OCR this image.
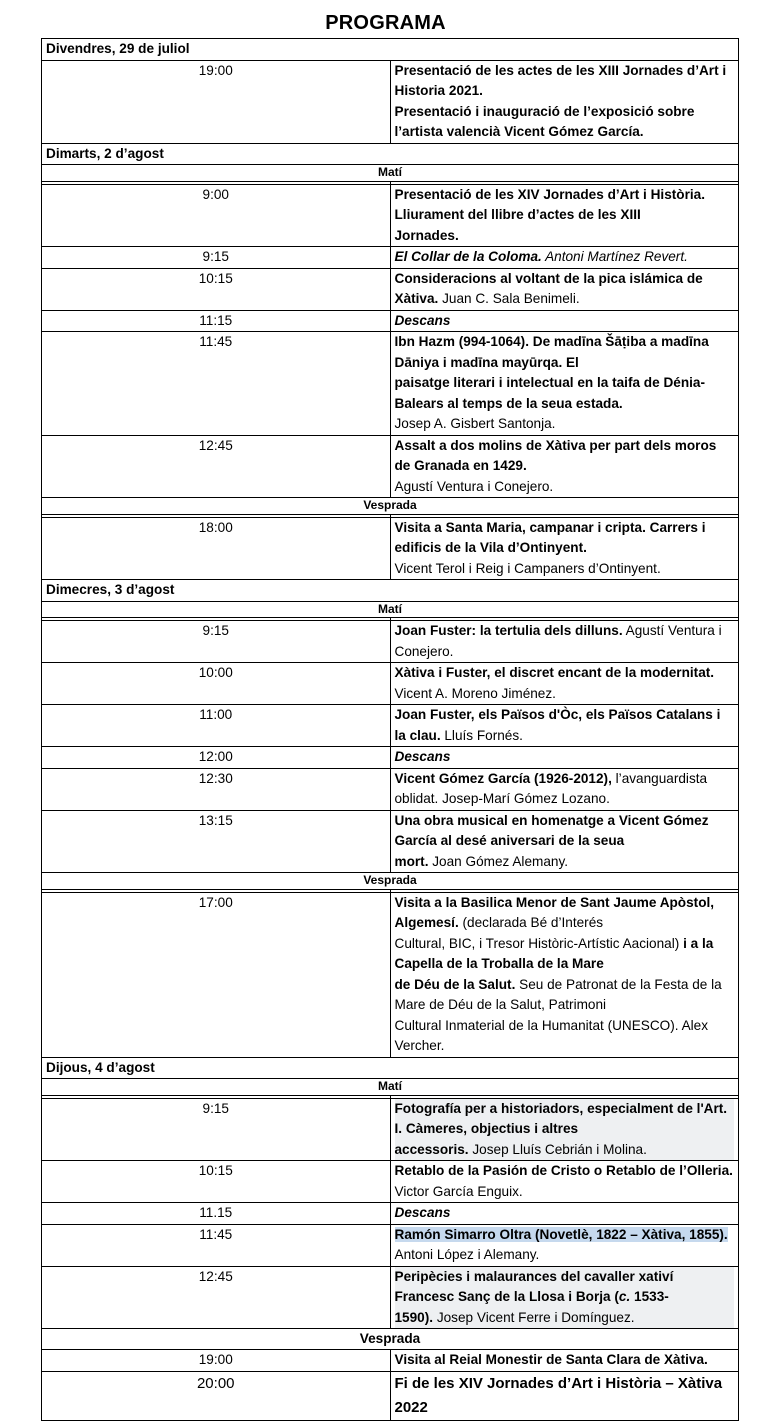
PROGRAMA
Divendres, 29 de juliol	
19:00	Presentació de les actes de les XIII Jornades d’Art i Historia 2021.
Presentació i inauguració de l’exposició sobre l’artista valencià Vicent Gómez García.

Dimarts, 2 d’agost	
Matí	

9:00	Presentació de les XIV Jornades d’Art i Història. Lliurament del llibre d’actes de les XIII
Jornades.

9:15	El Collar de la Coloma. Antoni Martínez Revert.
10:15	Consideracions al voltant de la pica islámica de Xàtiva. Juan C. Sala Benimeli.
11:15	Descans
11:45	Ibn Hazm (994-1064). De madīna Šāṭiba a madīna Dāniya i madīna mayūrqa. El
paisatge literari i intelectual en la taifa de Dénia-Balears al temps de la seua estada.
Josep A. Gisbert Santonja.

12:45	Assalt a dos molins de Xàtiva per part dels moros de Granada en 1429.
Agustí Ventura i Conejero.

Vesprada	

18:00	Visita a Santa Maria, campanar i cripta. Carrers i edificis de la Vila d’Ontinyent.
Vicent Terol i Reig i Campaners d’Ontinyent.

Dimecres, 3 d’agost	
Matí	

9:15	Joan Fuster: la tertulia dels dilluns. Agustí Ventura i Conejero.
10:00	Xàtiva i Fuster, el discret encant de la modernitat. Vicent A. Moreno Jiménez.
11:00	Joan Fuster, els Països d'Òc, els Països Catalans i la clau. Lluís Fornés.
12:00	Descans
12:30	Vicent Gómez García (1926-2012), l’avanguardista oblidat. Josep-Marí Gómez Lozano.
13:15	Una obra musical en homenatge a Vicent Gómez García al desé aniversari de la seua
mort. Joan Gómez Alemany.

Vesprada	

17:00	Visita a la Basilica Menor de Sant Jaume Apòstol, Algemesí. (declarada Bé d’Interés
Cultural, BIC, i Tresor Històric-Artístic Aacional) i a la Capella de la Troballa de la Mare
de Déu de la Salut. Seu de Patronat de la Festa de la Mare de Déu de la Salut, Patrimoni
Cultural Inmaterial de la Humanitat (UNESCO). Alex Vercher.

Dijous, 4 d’agost	
Matí	

9:15	Fotografía per a historiadors, especialment de l'Art. I. Càmeres, objectius i altres
accessoris. Josep Lluís Cebrián i Molina.

10:15	Retablo de la Pasión de Cristo o Retablo de l’Olleria. Victor García Enguix.
11.15	Descans
11:45	Ramón Simarro Oltra (Novetlè, 1822 – Xàtiva, 1855). Antoni López i Alemany.
12:45	Peripècies i malaurances del cavaller xativí Francesc Sanç de la Llosa i Borja (c. 1533-
1590). Josep Vicent Ferre i Domínguez.

Vesprada	
19:00	Visita al Reial Monestir de Santa Clara de Xàtiva.
20:00	Fi de les XIV Jornades d’Art i Història – Xàtiva 2022
